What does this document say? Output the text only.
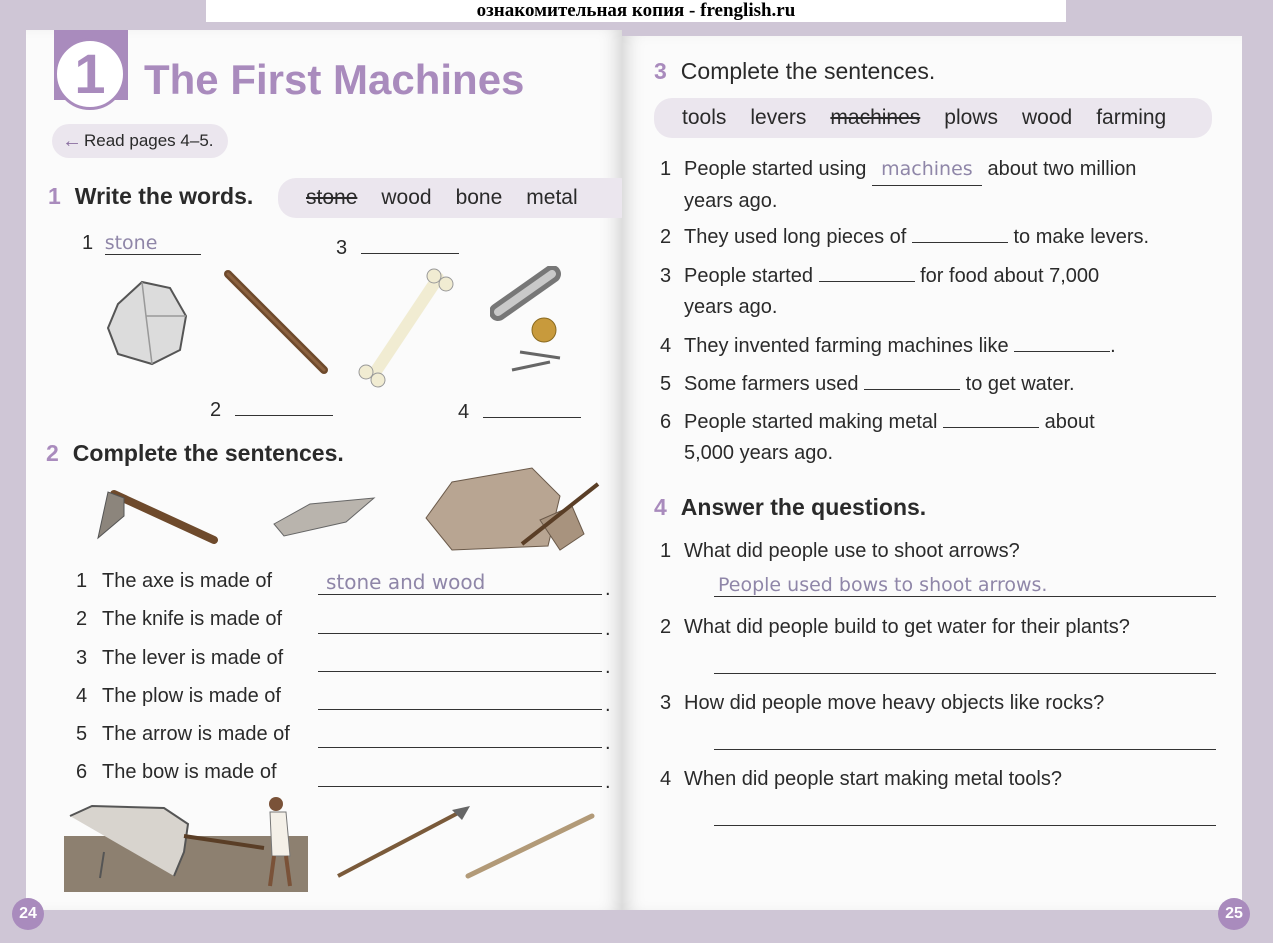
ознакомительная копия - frenglish.ru
1 The First Machines
← Read pages 4–5.
1 Write the words.	stone wood bone metal
1 stone	3
2	4
2 Complete the sentences.
1 The axe is made of
2 The knife is made of
3 The lever is made of
4 The plow is made of
5 The arrow is made of
6 The bow is made of
stone and wood	.
.
.
.
.
.
24
3 Complete the sentences.
tools levers machines plows wood farming
1 People started using machines about two million
years ago.
2 They used long pieces of	to make levers.
3 People started	for food about 7,000
years ago.
4 They invented farming machines like	.
5 Some farmers used	to get water.
6 People started making metal	about
5,000 years ago.
4 Answer the questions.
1 What did people use to shoot arrows?
People used bows to shoot arrows.
2 What did people build to get water for their plants?
3 How did people move heavy objects like rocks?
4 When did people start making metal tools?
25
